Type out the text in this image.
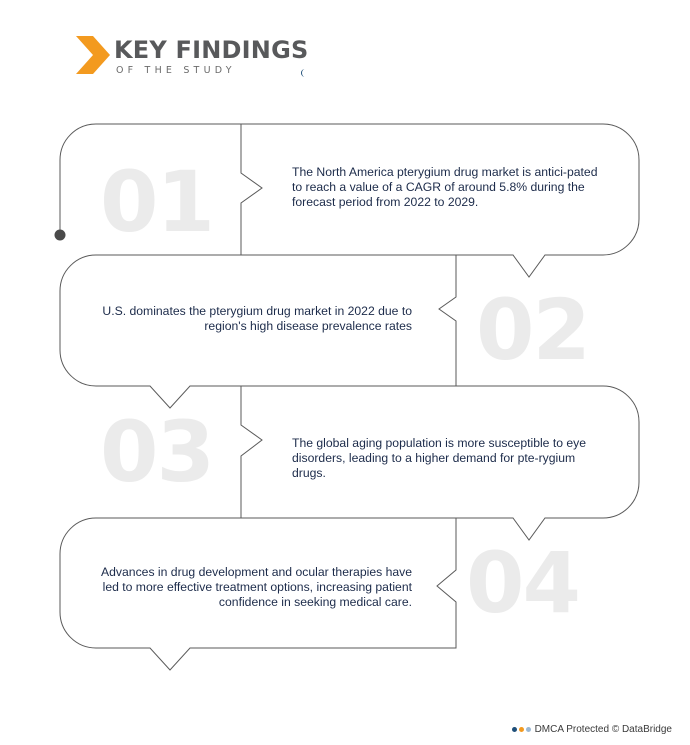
KEY FINDINGS
OF THE STUDY
01
02
03
04
The North America pterygium drug market is antici-pated to reach a value of a CAGR of around 5.8% during the forecast period from 2022 to 2029.
U.S. dominates the pterygium drug market in 2022 due to region's high disease prevalence rates
The global aging population is more susceptible to eye disorders, leading to a higher demand for pte-rygium drugs.
Advances in drug development and ocular therapies have led to more effective treatment options, increasing patient confidence in seeking medical care.
DMCA Protected © DataBridge
